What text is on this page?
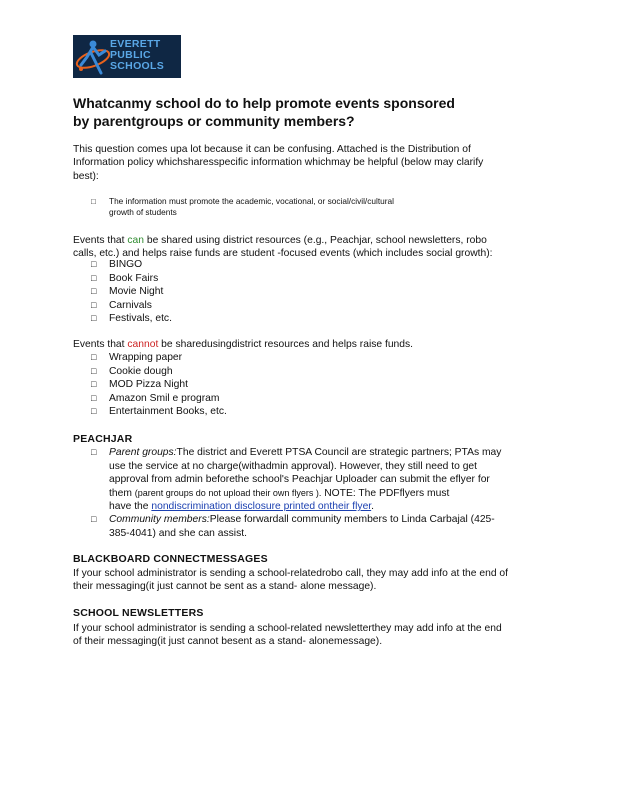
EVERETT
PUBLIC
SCHOOLS
Whatcanmy school do to help promote events sponsored
by parentgroups or community members?
This question comes upa lot because it can be confusing. Attached is the Distribution of
Information policy whichsharesspecific information whichmay be helpful (below may clarify
best):
□ The information must promote the academic, vocational, or social/civil/cultural
growth of students
Events that can be shared using district resources (e.g., Peachjar, school newsletters, robo
calls, etc.) and helps raise funds are student -focused events (which includes social growth):
□ BINGO
□ Book Fairs
□ Movie Night
□ Carnivals
□ Festivals, etc.
Events that cannot be sharedusingdistrict resources and helps raise funds.
□ Wrapping paper
□ Cookie dough
□ MOD Pizza Night
□ Amazon Smil e program
□ Entertainment Books, etc.
PEACHJAR
□ Parent groups:The district and Everett PTSA Council are strategic partners; PTAs may
use the service at no charge(withadmin approval). However, they still need to get
approval from admin beforethe school's Peachjar Uploader can submit the eflyer for
them (parent groups do not upload their own flyers ). NOTE: The PDFflyers must
have the nondiscrimination disclosure printed ontheir flyer.
□ Community members:Please forwardall community members to Linda Carbajal (425-
385-4041) and she can assist.
BLACKBOARD CONNECTMESSAGES
If your school administrator is sending a school-relatedrobo call, they may add info at the end of
their messaging(it just cannot be sent as a stand- alone message).
SCHOOL NEWSLETTERS
If your school administrator is sending a school-related newsletterthey may add info at the end
of their messaging(it just cannot besent as a stand- alonemessage).
